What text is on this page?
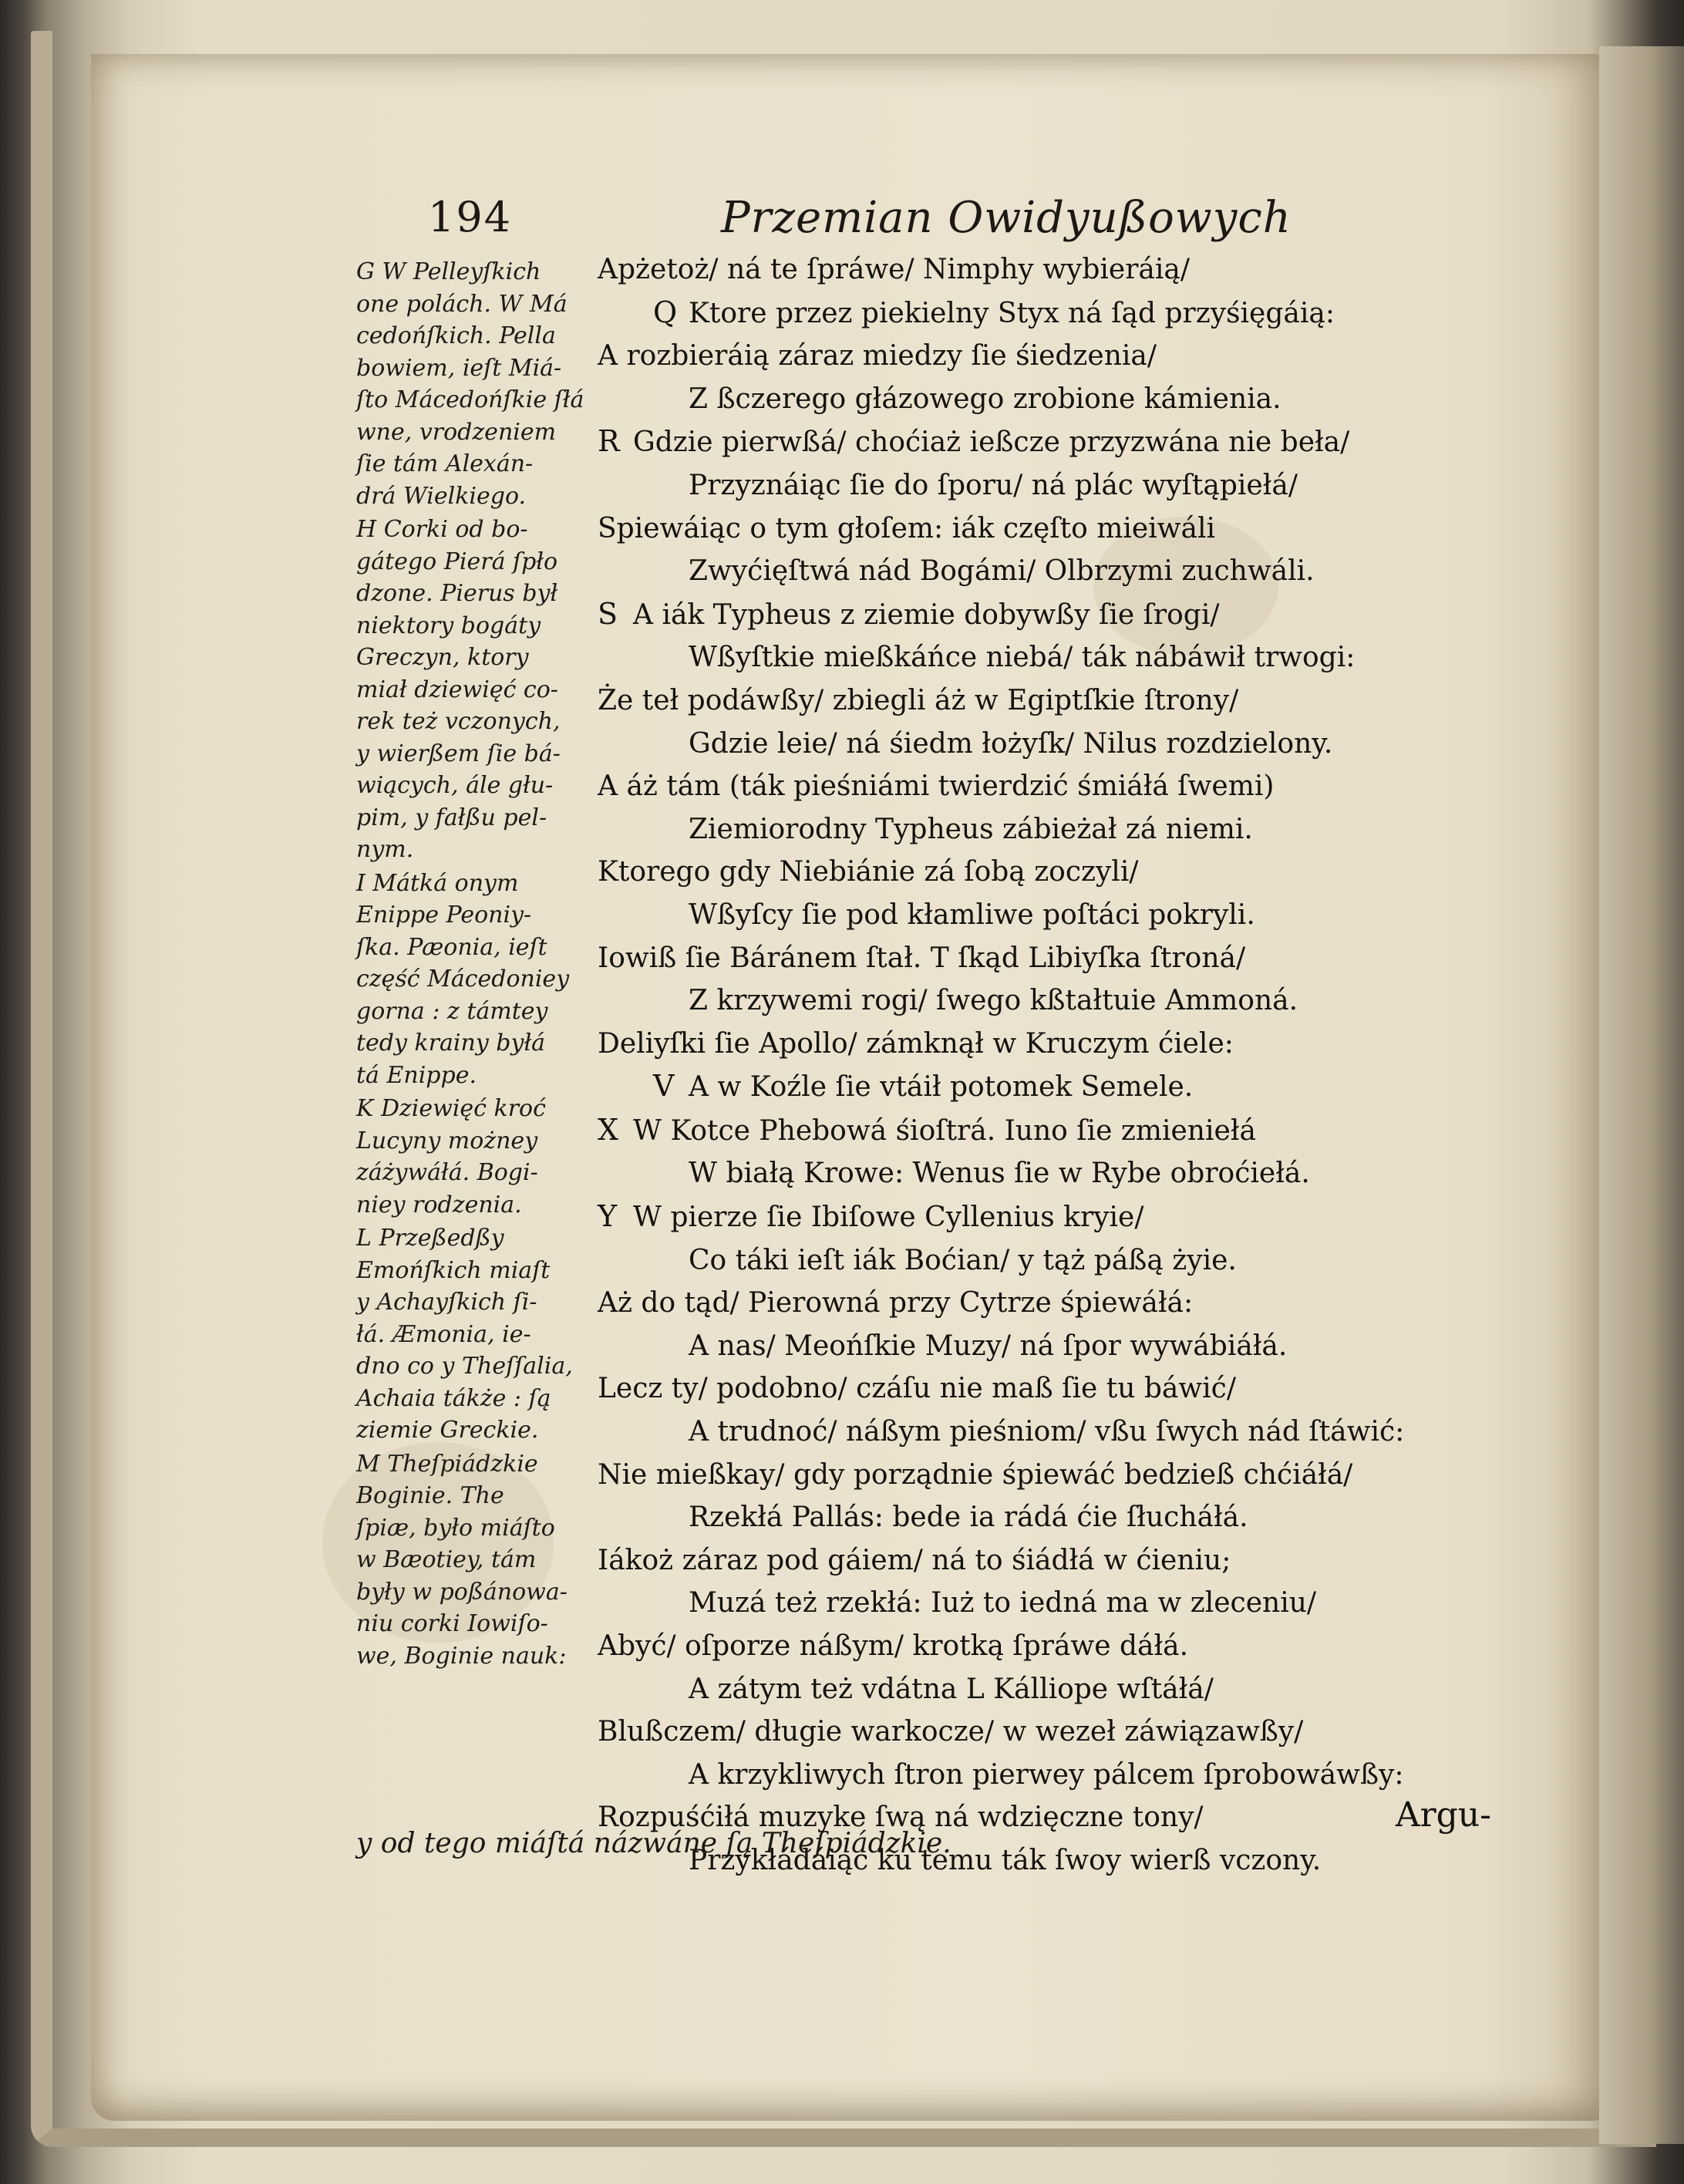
194	Przemian Owidyußowych
G W Pelleyſkich
one polách. W Má
cedońſkich. Pella
bowiem, ieſt Miá-
ſto Mácedońſkie ſłá
wne, vrodzeniem
ſie tám Alexán-
drá Wielkiego.
H Corki od bo-
gátego Pierá ſpło
dzone. Pierus był
niektory bogáty
Greczyn, ktory
miał dziewięć co-
rek też vczonych,
y wierßem ſie bá-
wiących, ále głu-
pim, y fałßu pel-
nym.
I Mátká onym
Enippe Peoniy-
ſka. Pæonia, ieſt
część Mácedoniey
gorna : z támtey
tedy krainy byłá
tá Enippe.
K Dziewięć kroć
Lucyny możney
záżywáłá. Bogi-
niey rodzenia.
L Przeßedßy
Emońſkich miaſt
y Achayſkich ſi-
łá. Æmonia, ie-
dno co y Theſſalia,
Achaia tákże : ſą
ziemie Greckie.
M Theſpiádzkie
Boginie. The
ſpiæ, było miáſto
w Bæotiey, tám
były w poßánowa-
niu corki Iowiſo-
we, Boginie nauk:
Apżetoż/ ná te ſpráwe/ Nimphy wybieráią/
Q Ktore przez piekielny Styx ná ſąd przyśięgáią:
A rozbieráią záraz miedzy ſie śiedzenia/
Z ßczerego głázowego zrobione kámienia.
R Gdzie pierwßá/ choćiaż ießcze przyzwána nie beła/
Przyznáiąc ſie do ſporu/ ná plác wyſtąpiełá/
Spiewáiąc o tym głoſem: iák częſto mieiwáli
Zwyćięſtwá nád Bogámi/ Olbrzymi zuchwáli.
S A iák Typheus z ziemie dobywßy ſie ſrogi/
Wßyſtkie mießkáńce niebá/ ták nábáwił trwogi:
Że teł podáwßy/ zbiegli áż w Egiptſkie ſtrony/
Gdzie leie/ ná śiedm łożyſk/ Nilus rozdzielony.
A áż tám (ták pieśniámi twierdzić śmiáłá ſwemi)
Ziemiorodny Typheus zábieżał zá niemi.
Ktorego gdy Niebiánie zá ſobą zoczyli/
Wßyſcy ſie pod kłamliwe poſtáci pokryli.
Iowiß ſie Báránem ſtał. T ſkąd Libiyſka ſtroná/
Z krzywemi rogi/ ſwego kßtałtuie Ammoná.
Deliyſki ſie Apollo/ zámknął w Kruczym ćiele:
V A w Koźle ſie vtáił potomek Semele.
X W Kotce Phebowá śioſtrá. Iuno ſie zmieniełá
W białą Krowe: Wenus ſie w Rybe obroćiełá.
Y W pierze ſie Ibiſowe Cyllenius kryie/
Co táki ieſt iák Boćian/ y tąż páßą żyie.
Aż do tąd/ Pierowná przy Cytrze śpiewáłá:
A nas/ Meońſkie Muzy/ ná ſpor wywábiáłá.
Lecz ty/ podobno/ czáſu nie maß ſie tu báwić/
A trudnoć/ náßym pieśniom/ vßu ſwych nád ſtáwić:
Nie mießkay/ gdy porządnie śpiewáć bedzieß chćiáłá/
Rzekłá Pallás: bede ia rádá ćie ſłucháłá.
Iákoż záraz pod gáiem/ ná to śiádłá w ćieniu;
Muzá też rzekłá: Iuż to iedná ma w zleceniu/
Abyć/ oſporze náßym/ krotką ſpráwe dáłá.
A zátym też vdátna L Kálliope wſtáłá/
Blußczem/ długie warkocze/ w wezeł záwiązawßy/
A krzykliwych ſtron pierwey pálcem ſprobowáwßy:
Rozpuśćiłá muzyke ſwą ná wdzięczne tony/
Przykłádáiąc ku temu ták ſwoy wierß vczony.
Argu-
y od tego miáſtá názwáne ſą Theſpiádzkie.
